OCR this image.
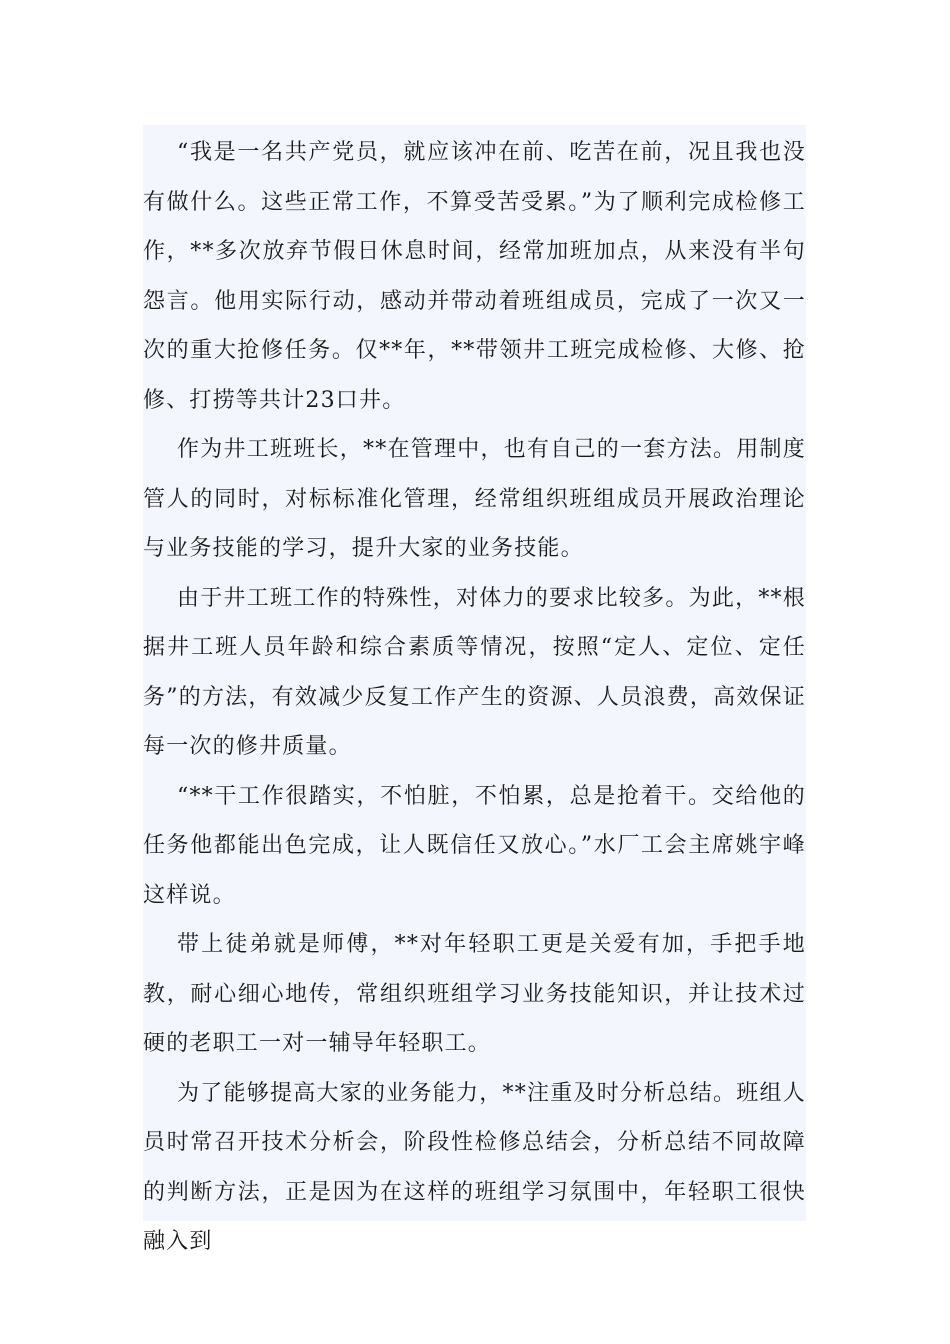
“我是一名共产党员，就应该冲在前、吃苦在前，况且我也没有做什么。这些正常工作，不算受苦受累。”为了顺利完成检修工作，**多次放弃节假日休息时间，经常加班加点，从来没有半句怨言。他用实际行动，感动并带动着班组成员，完成了一次又一次的重大抢修任务。仅**年，**带领井工班完成检修、大修、抢修、打捞等共计23口井。

作为井工班班长，**在管理中，也有自己的一套方法。用制度管人的同时，对标标准化管理，经常组织班组成员开展政治理论与业务技能的学习，提升大家的业务技能。

由于井工班工作的特殊性，对体力的要求比较多。为此，**根据井工班人员年龄和综合素质等情况，按照“定人、定位、定任务”的方法，有效减少反复工作产生的资源、人员浪费，高效保证每一次的修井质量。

“**干工作很踏实，不怕脏，不怕累，总是抢着干。交给他的任务他都能出色完成，让人既信任又放心。”水厂工会主席姚宇峰这样说。

带上徒弟就是师傅，**对年轻职工更是关爱有加，手把手地教，耐心细心地传，常组织班组学习业务技能知识，并让技术过硬的老职工一对一辅导年轻职工。

为了能够提高大家的业务能力，**注重及时分析总结。班组人员时常召开技术分析会，阶段性检修总结会，分析总结不同故障的判断方法，正是因为在这样的班组学习氛围中，年轻职工很快融入到
